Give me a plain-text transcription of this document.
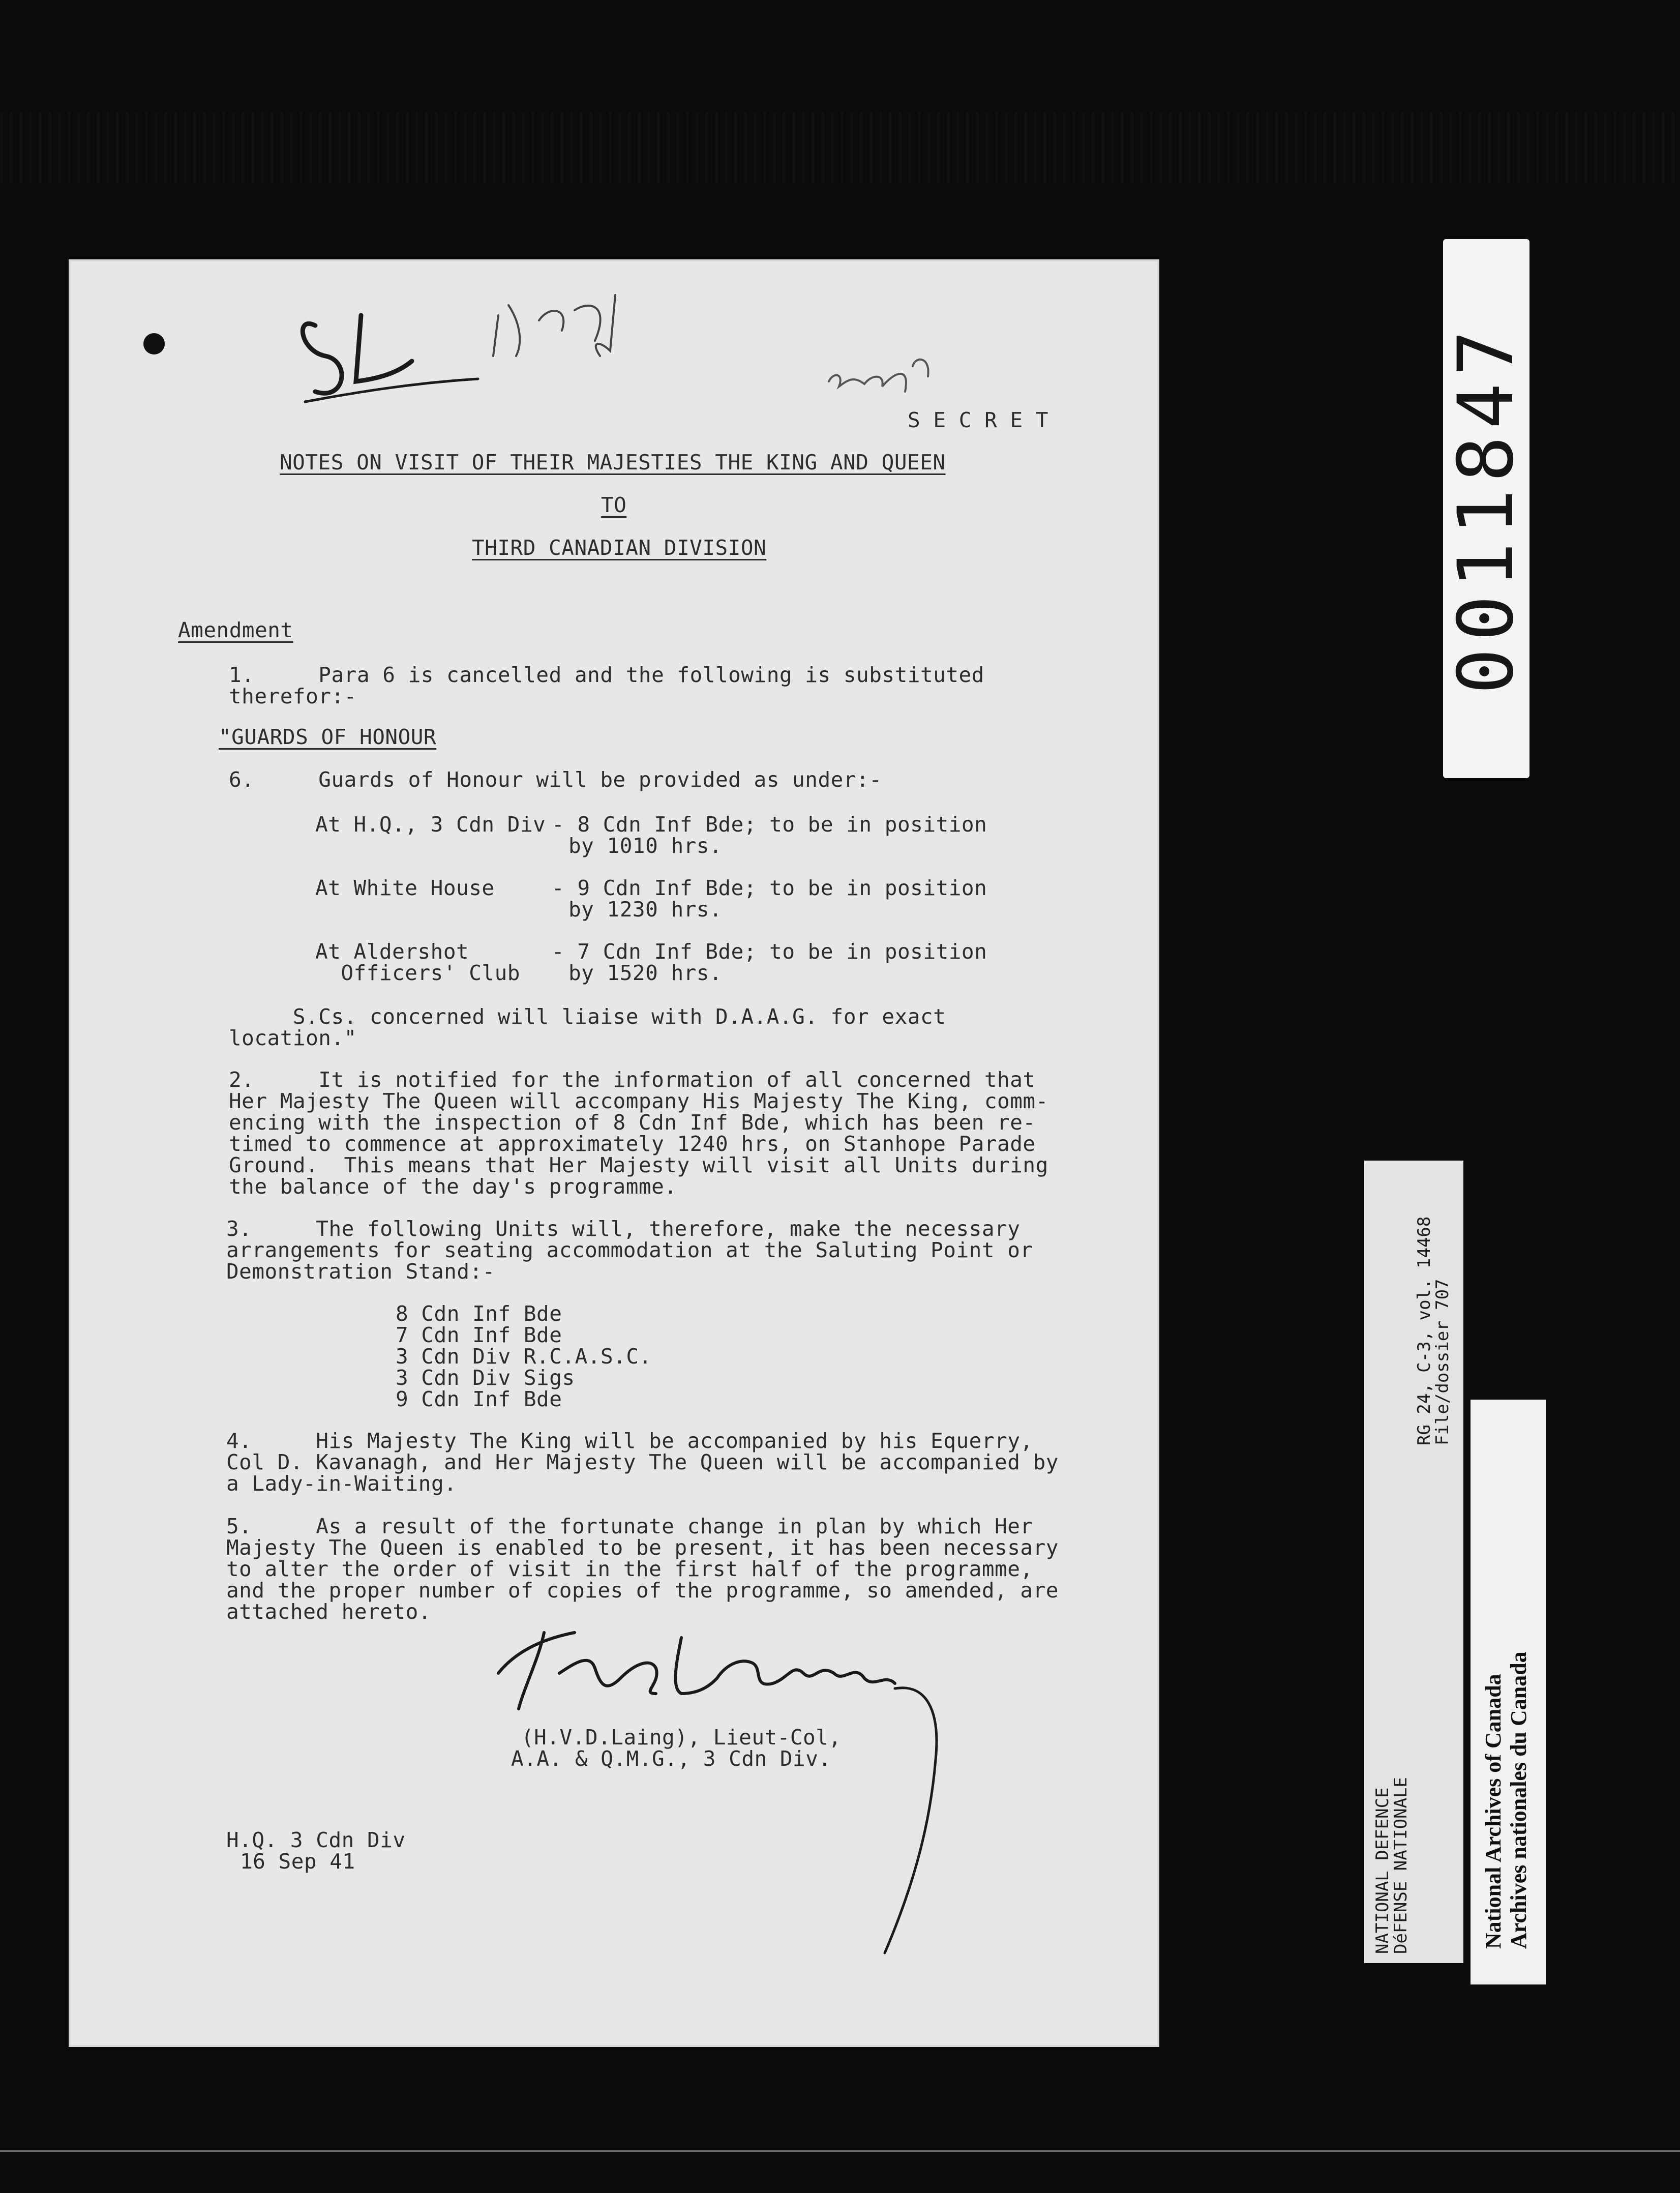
S E C R E T
NOTES ON VISIT OF THEIR MAJESTIES THE KING AND QUEEN
TO
THIRD CANADIAN DIVISION
Amendment
1.     Para 6 is cancelled and the following is substituted
therefor:-
"GUARDS OF HONOUR
6.     Guards of Honour will be provided as under:-
At H.Q., 3 Cdn Div - 8 Cdn Inf Bde; to be in position
by 1010 hrs.
At White House	- 9 Cdn Inf Bde; to be in position
by 1230 hrs.
At Aldershot
Officers' Club
- 7 Cdn Inf Bde; to be in position
by 1520 hrs.
S.Cs. concerned will liaise with D.A.A.G. for exact
location."
2.     It is notified for the information of all concerned that
Her Majesty The Queen will accompany His Majesty The King, comm-
encing with the inspection of 8 Cdn Inf Bde, which has been re-
timed to commence at approximately 1240 hrs, on Stanhope Parade
Ground.  This means that Her Majesty will visit all Units during
the balance of the day's programme.
3.     The following Units will, therefore, make the necessary
arrangements for seating accommodation at the Saluting Point or
Demonstration Stand:-
8 Cdn Inf Bde
7 Cdn Inf Bde
3 Cdn Div R.C.A.S.C.
3 Cdn Div Sigs
9 Cdn Inf Bde
4.     His Majesty The King will be accompanied by his Equerry,
Col D. Kavanagh, and Her Majesty The Queen will be accompanied by
a Lady-in-Waiting.
5.     As a result of the fortunate change in plan by which Her
Majesty The Queen is enabled to be present, it has been necessary
to alter the order of visit in the first half of the programme,
and the proper number of copies of the programme, so amended, are
attached hereto.
(H.V.D.Laing), Lieut-Col,
A.A. & Q.M.G., 3 Cdn Div.
H.Q. 3 Cdn Div
16 Sep 41
0011847
NATIONAL DEFENCE
DéFENSE NATIONALE
RG 24, C-3, vol. 14468
File/dossier 707
National Archives of Canada Archives nationales du Canada
